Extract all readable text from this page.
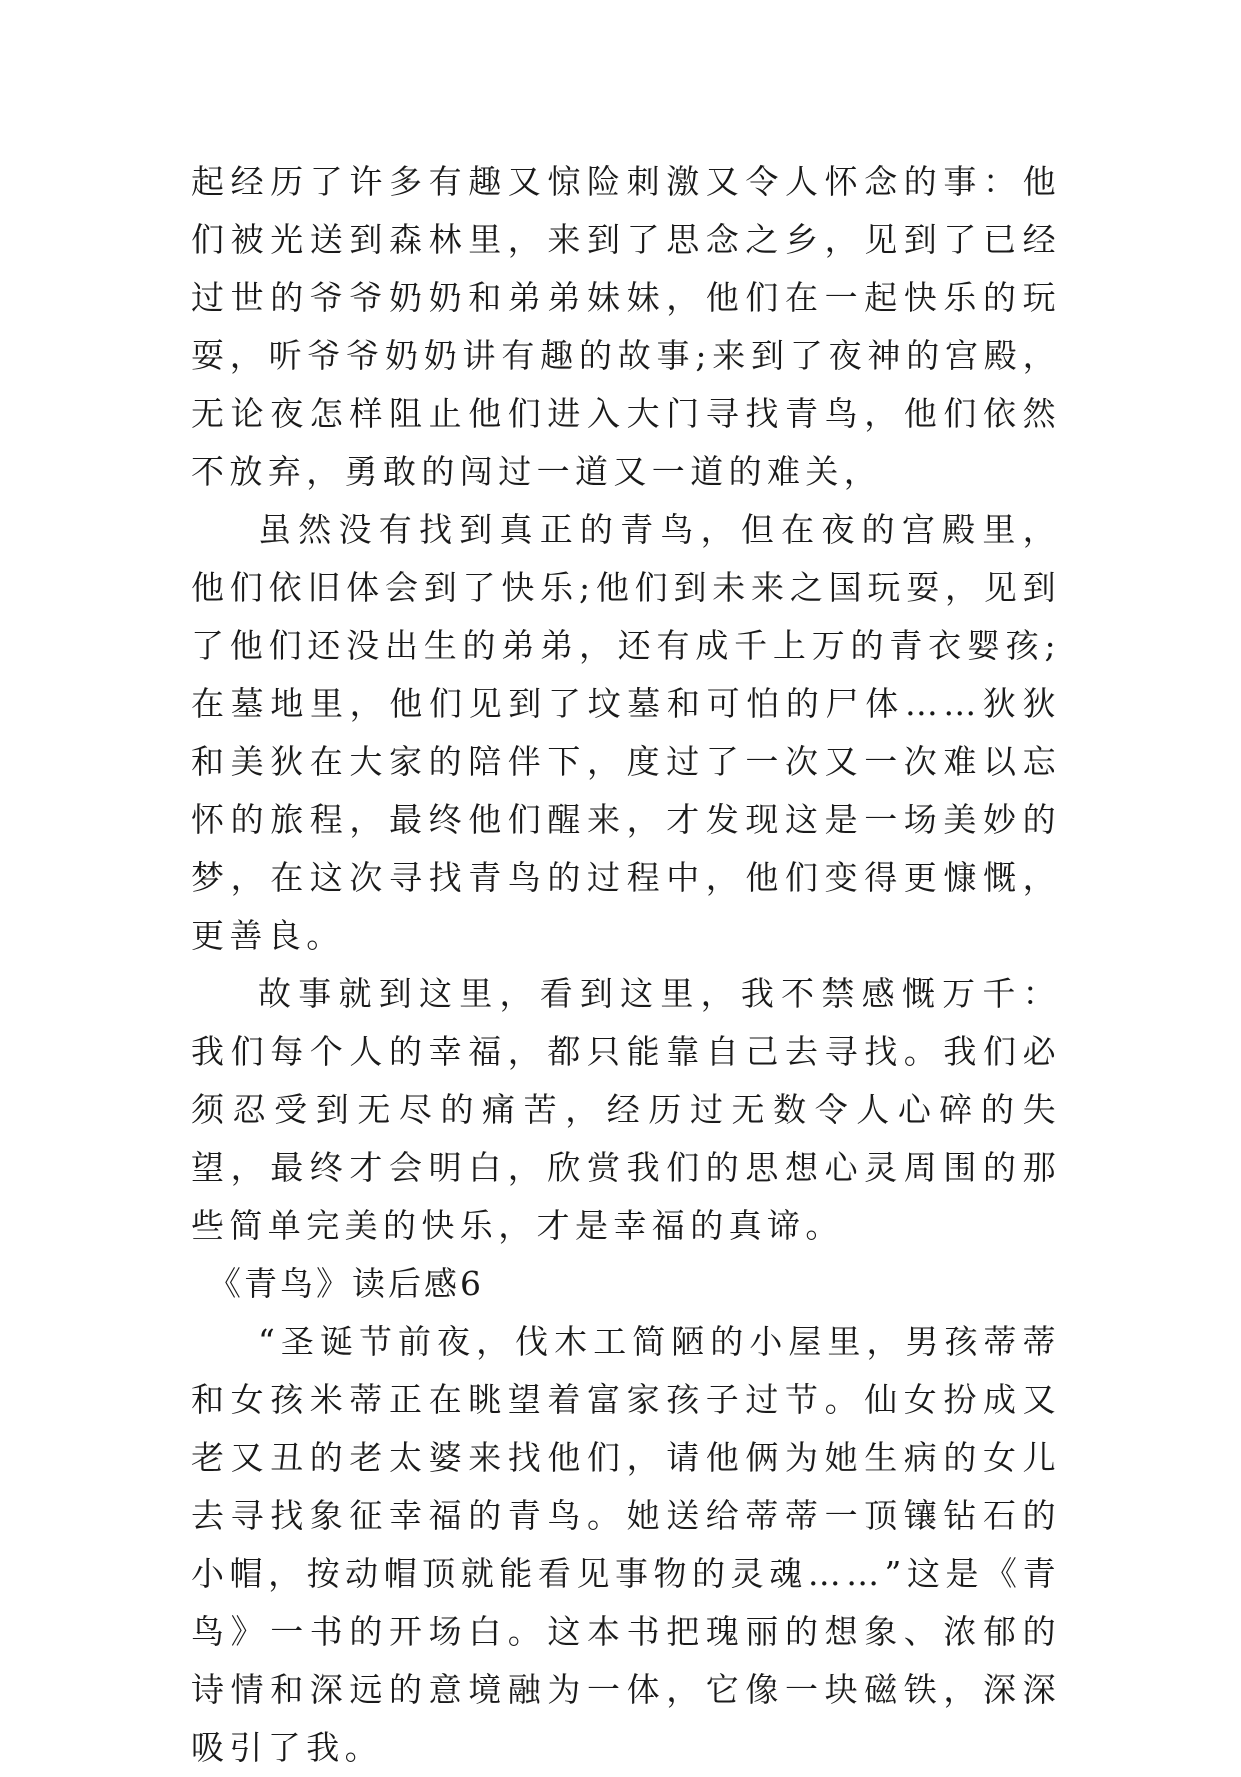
起经历了许多有趣又惊险刺激又令人怀念的事：他们被光送到森林里，来到了思念之乡，见到了已经过世的爷爷奶奶和弟弟妹妹，他们在一起快乐的玩耍，听爷爷奶奶讲有趣的故事;来到了夜神的宫殿，无论夜怎样阻止他们进入大门寻找青鸟，他们依然不放弃，勇敢的闯过一道又一道的难关，

虽然没有找到真正的青鸟，但在夜的宫殿里，他们依旧体会到了快乐;他们到未来之国玩耍，见到了他们还没出生的弟弟，还有成千上万的青衣婴孩;在墓地里，他们见到了坟墓和可怕的尸体……狄狄和美狄在大家的陪伴下，度过了一次又一次难以忘怀的旅程，最终他们醒来，才发现这是一场美妙的梦，在这次寻找青鸟的过程中，他们变得更慷慨，更善良。

故事就到这里，看到这里，我不禁感慨万千：我们每个人的幸福，都只能靠自己去寻找。我们必须忍受到无尽的痛苦，经历过无数令人心碎的失望，最终才会明白，欣赏我们的思想心灵周围的那些简单完美的快乐，才是幸福的真谛。

《青鸟》读后感6

“圣诞节前夜，伐木工简陋的小屋里，男孩蒂蒂和女孩米蒂正在眺望着富家孩子过节。仙女扮成又老又丑的老太婆来找他们，请他俩为她生病的女儿去寻找象征幸福的青鸟。她送给蒂蒂一顶镶钻石的小帽，按动帽顶就能看见事物的灵魂……”这是《青鸟》一书的开场白。这本书把瑰丽的想象、浓郁的诗情和深远的意境融为一体，它像一块磁铁，深深吸引了我。
